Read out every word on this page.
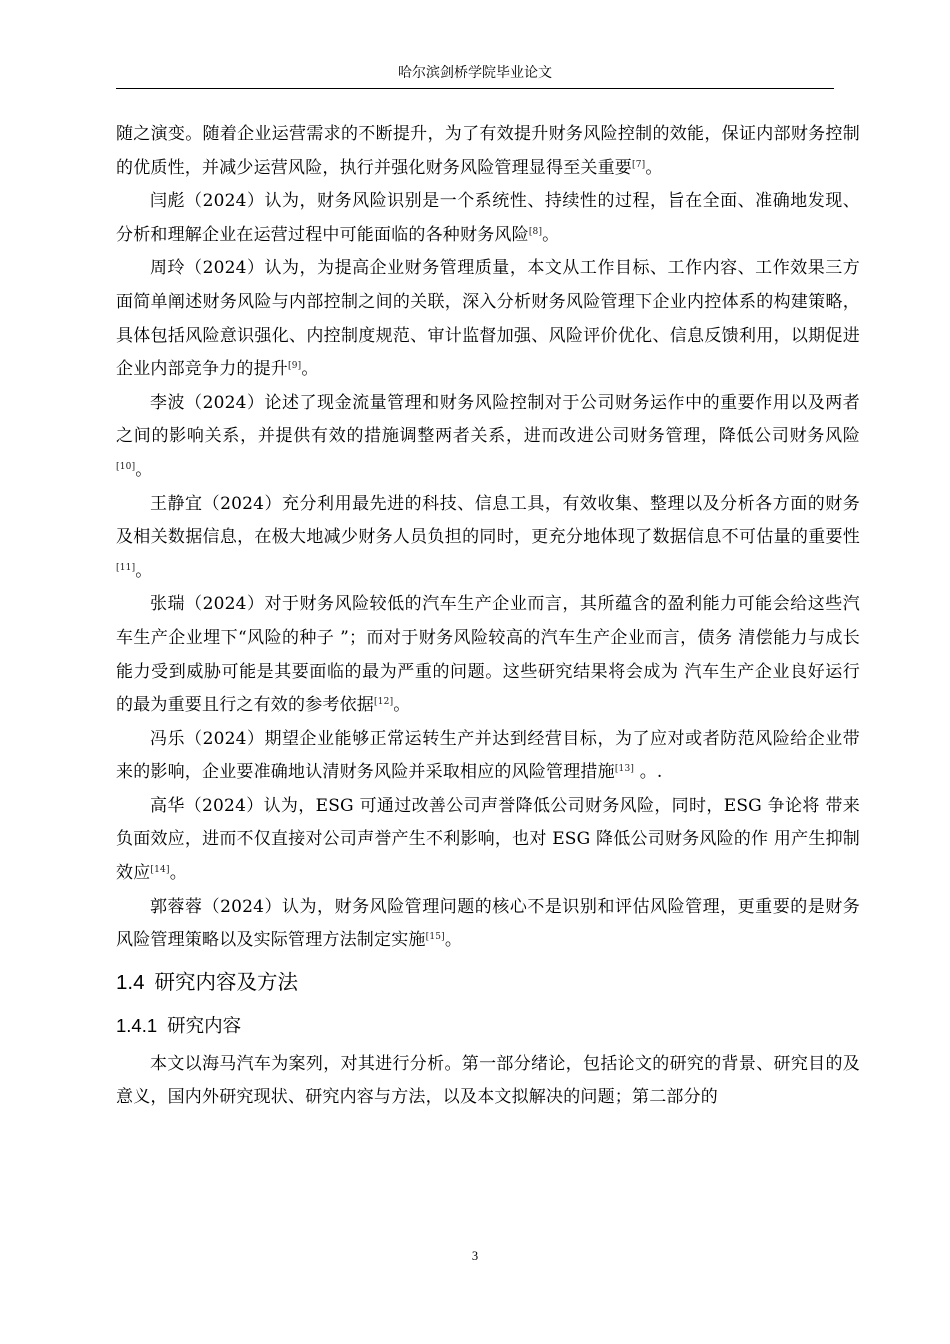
哈尔滨剑桥学院毕业论文

随之演变。随着企业运营需求的不断提升，为了有效提升财务风险控制的效能，保证内部财务控制的优质性，并减少运营风险，执行并强化财务风险管理显得至关重要[7]。

闫彪（2024）认为，财务风险识别是一个系统性、持续性的过程，旨在全面、准确地发现、分析和理解企业在运营过程中可能面临的各种财务风险[8]。

周玲（2024）认为，为提高企业财务管理质量，本文从工作目标、工作内容、工作效果三方面简单阐述财务风险与内部控制之间的关联，深入分析财务风险管理下企业内控体系的构建策略，具体包括风险意识强化、内控制度规范、审计监督加强、风险评价优化、信息反馈利用，以期促进企业内部竞争力的提升[9]。

李波（2024）论述了现金流量管理和财务风险控制对于公司财务运作中的重要作用以及两者之间的影响关系，并提供有效的措施调整两者关系，进而改进公司财务管理，降低公司财务风险[10]。

王静宜（2024）充分利用最先进的科技、信息工具，有效收集、整理以及分析各方面的财务及相关数据信息，在极大地减少财务人员负担的同时，更充分地体现了数据信息不可估量的重要性[11]。

张瑞（2024）对于财务风险较低的汽车生产企业而言，其所蕴含的盈利能力可能会给这些汽车生产企业埋下“风险的种子 ”；而对于财务风险较高的汽车生产企业而言，债务 清偿能力与成长能力受到威胁可能是其要面临的最为严重的问题。这些研究结果将会成为 汽车生产企业良好运行的最为重要且行之有效的参考依据[12]。

冯乐（2024）期望企业能够正常运转生产并达到经营目标，为了应对或者防范风险给企业带来的影响，企业要准确地认清财务风险并采取相应的风险管理措施[13] 。.

高华（2024）认为，ESG 可通过改善公司声誉降低公司财务风险，同时，ESG 争论将 带来负面效应，进而不仅直接对公司声誉产生不利影响，也对 ESG 降低公司财务风险的作 用产生抑制效应[14]。

郭蓉蓉（2024）认为，财务风险管理问题的核心不是识别和评估风险管理，更重要的是财务风险管理策略以及实际管理方法制定实施[15]。

1.4 研究内容及方法
1.4.1 研究内容

本文以海马汽车为案列，对其进行分析。第一部分绪论，包括论文的研究的背景、研究目的及意义，国内外研究现状、研究内容与方法，以及本文拟解决的问题；第二部分的

3
